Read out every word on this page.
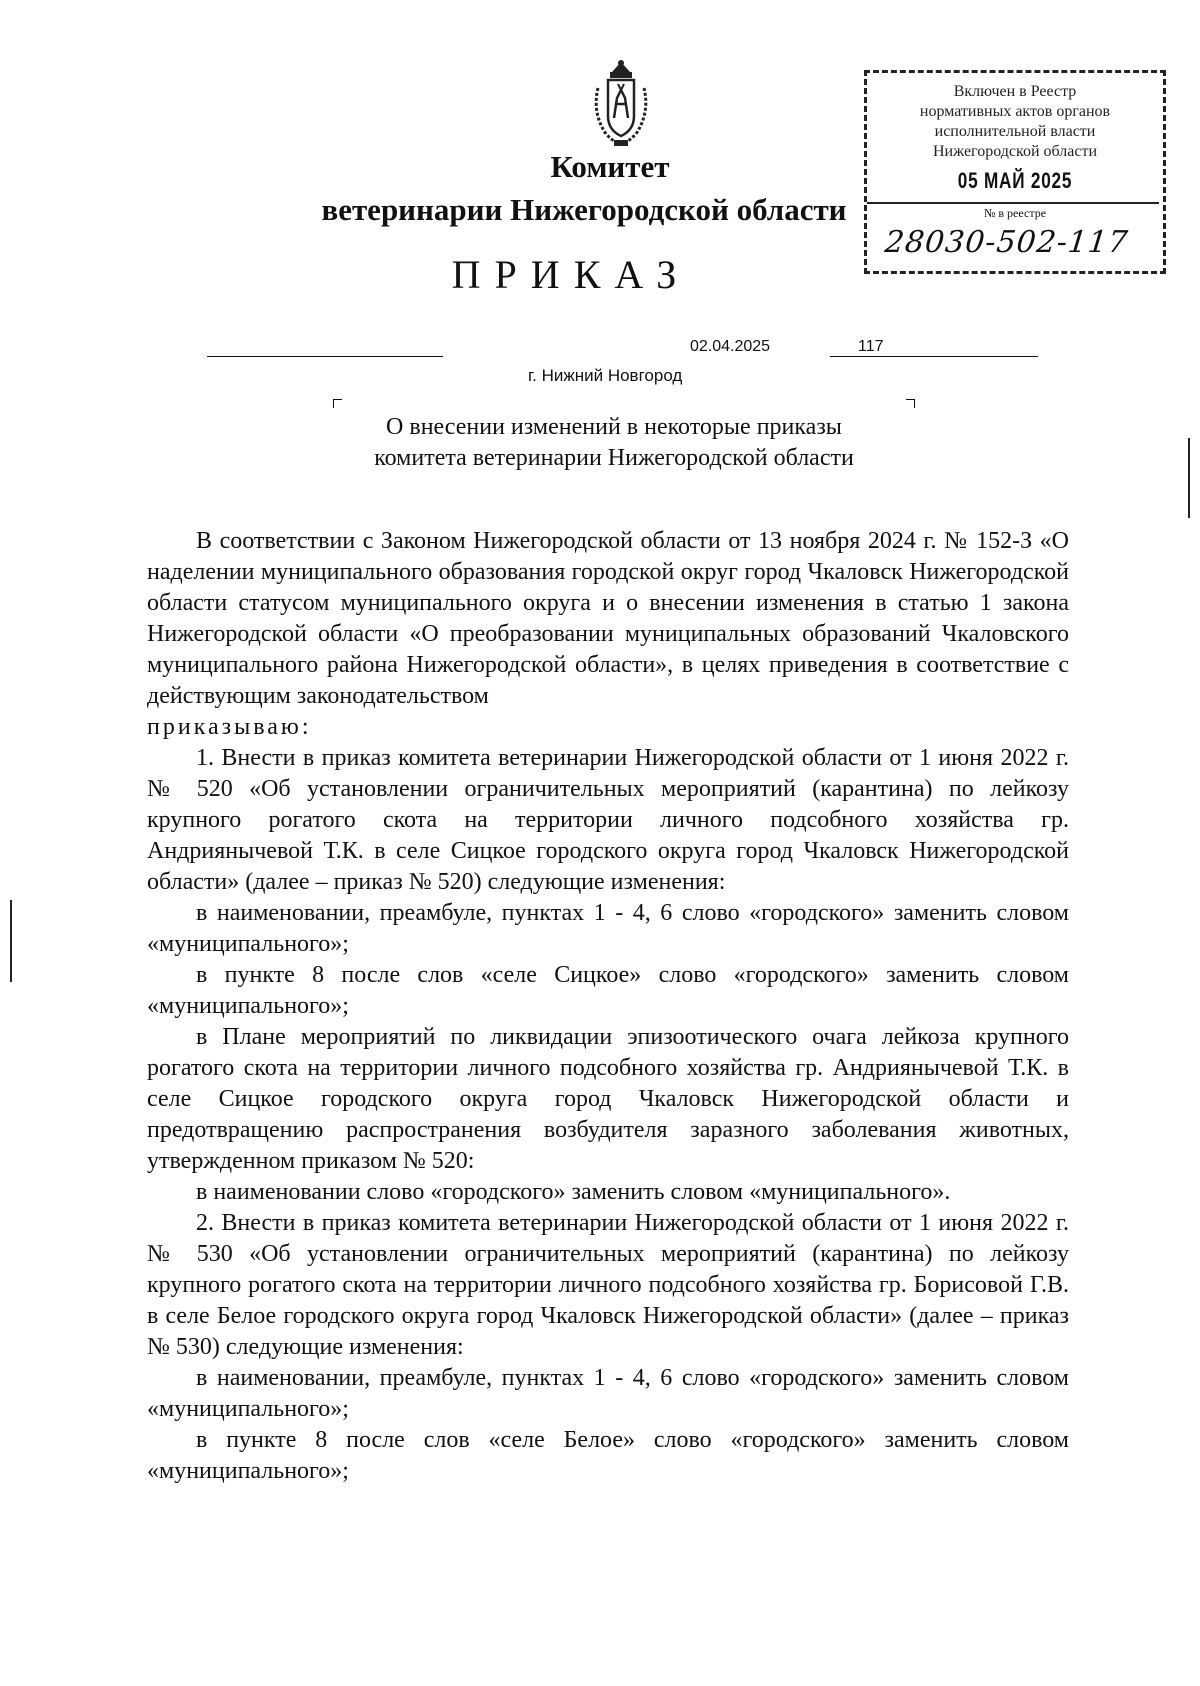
Комитет
ветеринарии Нижегородской области
ПРИКАЗ
Включен в Реестр
нормативных актов органов
исполнительной власти
Нижегородской области
05 МАЙ 2025
№ в реестре
28030-502-117
02.04.2025	117
г. Нижний Новгород
О внесении изменений в некоторые приказы
комитета ветеринарии Нижегородской области

В соответствии с Законом Нижегородской области от 13 ноября 2024 г. № 152-З «О наделении муниципального образования городской округ город Чкаловск Нижегородской области статусом муниципального округа и о внесении изменения в статью 1 закона Нижегородской области «О преобразовании муниципальных образований Чкаловского муниципального района Нижегородской области», в целях приведения в соответствие с действующим законодательством

приказываю:

1. Внести в приказ комитета ветеринарии Нижегородской области от 1 июня 2022 г. № 520 «Об установлении ограничительных мероприятий (карантина) по лейкозу крупного рогатого скота на территории личного подсобного хозяйства гр. Андриянычевой Т.К. в селе Сицкое городского округа город Чкаловск Нижегородской области» (далее – приказ № 520) следующие изменения:

в наименовании, преамбуле, пунктах 1 - 4, 6 слово «городского» заменить словом «муниципального»;

в пункте 8 после слов «селе Сицкое» слово «городского» заменить словом «муниципального»;

в Плане мероприятий по ликвидации эпизоотического очага лейкоза крупного рогатого скота на территории личного подсобного хозяйства гр. Андриянычевой Т.К. в селе Сицкое городского округа город Чкаловск Нижегородской области и предотвращению распространения возбудителя заразного заболевания животных, утвержденном приказом № 520:

в наименовании слово «городского» заменить словом «муниципального».

2. Внести в приказ комитета ветеринарии Нижегородской области от 1 июня 2022 г. № 530 «Об установлении ограничительных мероприятий (карантина) по лейкозу крупного рогатого скота на территории личного подсобного хозяйства гр. Борисовой Г.В. в селе Белое городского округа город Чкаловск Нижегородской области» (далее – приказ № 530) следующие изменения:

в наименовании, преамбуле, пунктах 1 - 4, 6 слово «городского» заменить словом «муниципального»;

в пункте 8 после слов «селе Белое» слово «городского» заменить словом «муниципального»;
